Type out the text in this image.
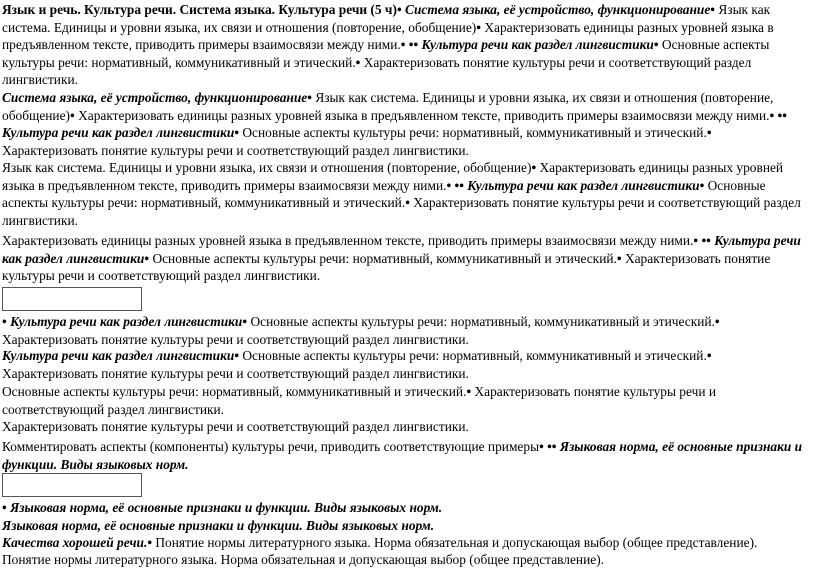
Язык и речь. Культура речи. Система языка. Культура речи (5 ч)• Система языка, её устройство, функционирование• Язык как система. Единицы и уровни языка, их связи и отношения (повторение, обобщение)• Характеризовать единицы разных уровней языка в предъявленном тексте, приводить примеры взаимосвязи между ними.• •• Культура речи как раздел лингвистики• Основные аспекты культуры речи: нормативный, коммуникативный и этический.• Характеризовать понятие культуры речи и соответствующий раздел лингвистики.

Система языка, её устройство, функционирование• Язык как система. Единицы и уровни языка, их связи и отношения (повторение, обобщение)• Характеризовать единицы разных уровней языка в предъявленном тексте, приводить примеры взаимосвязи между ними.• •• Культура речи как раздел лингвистики• Основные аспекты культуры речи: нормативный, коммуникативный и этический.• Характеризовать понятие культуры речи и соответствующий раздел лингвистики.

Язык как система. Единицы и уровни языка, их связи и отношения (повторение, обобщение)• Характеризовать единицы разных уровней языка в предъявленном тексте, приводить примеры взаимосвязи между ними.• •• Культура речи как раздел лингвистики• Основные аспекты культуры речи: нормативный, коммуникативный и этический.• Характеризовать понятие культуры речи и соответствующий раздел лингвистики.

Характеризовать единицы разных уровней языка в предъявленном тексте, приводить примеры взаимосвязи между ними.• •• Культура речи как раздел лингвистики• Основные аспекты культуры речи: нормативный, коммуникативный и этический.• Характеризовать понятие культуры речи и соответствующий раздел лингвистики.

• Культура речи как раздел лингвистики• Основные аспекты культуры речи: нормативный, коммуникативный и этический.• Характеризовать понятие культуры речи и соответствующий раздел лингвистики.

Культура речи как раздел лингвистики• Основные аспекты культуры речи: нормативный, коммуникативный и этический.• Характеризовать понятие культуры речи и соответствующий раздел лингвистики.

Основные аспекты культуры речи: нормативный, коммуникативный и этический.• Характеризовать понятие культуры речи и соответствующий раздел лингвистики.

Характеризовать понятие культуры речи и соответствующий раздел лингвистики.

Комментировать аспекты (компоненты) культуры речи, приводить соответствующие примеры• •• Языковая норма, её основные признаки и функции. Виды языковых норм.

• Языковая норма, её основные признаки и функции. Виды языковых норм.

Языковая норма, её основные признаки и функции. Виды языковых норм.

Качества хорошей речи.• Понятие нормы литературного языка. Норма обязательная и допускающая выбор (общее представление).

Понятие нормы литературного языка. Норма обязательная и допускающая выбор (общее представление).
